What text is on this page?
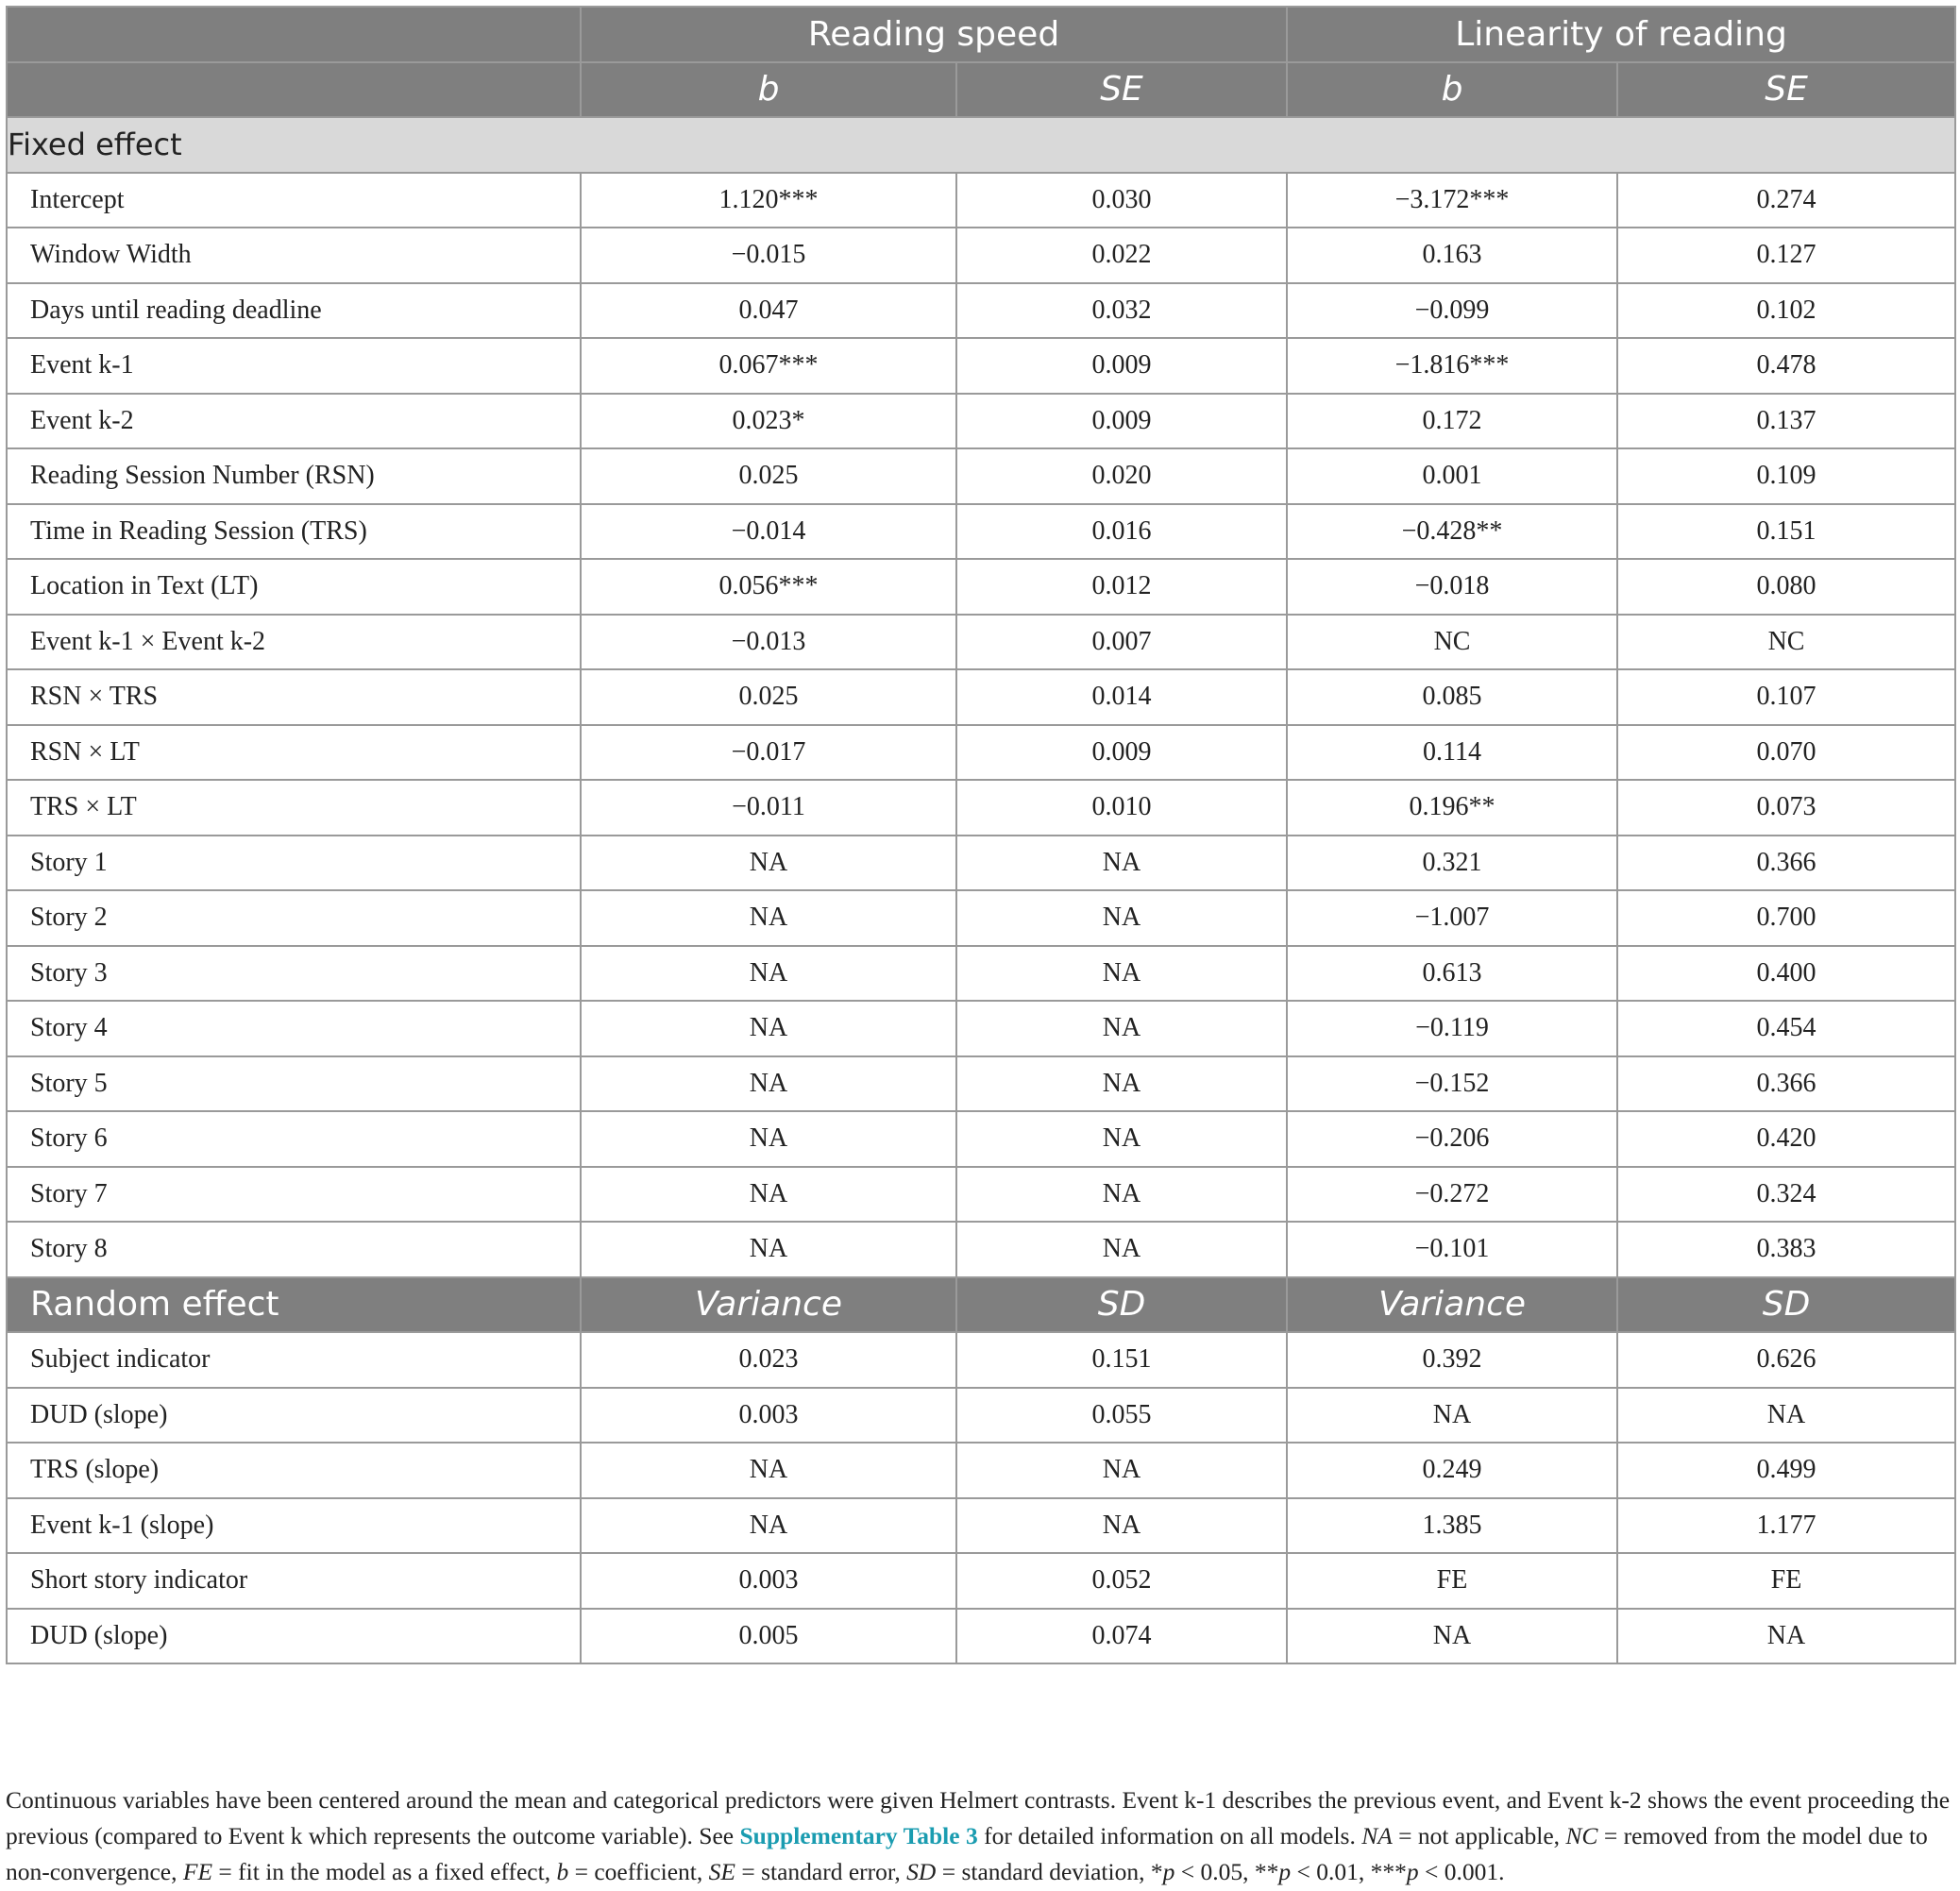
	Reading speed		Linearity of reading	
	b	SE	b	SE
Fixed effect				
Intercept	1.120***	0.030	−3.172***	0.274
Window Width	−0.015	0.022	0.163	0.127
Days until reading deadline	0.047	0.032	−0.099	0.102
Event k-1	0.067***	0.009	−1.816***	0.478
Event k-2	0.023*	0.009	0.172	0.137
Reading Session Number (RSN)	0.025	0.020	0.001	0.109
Time in Reading Session (TRS)	−0.014	0.016	−0.428**	0.151
Location in Text (LT)	0.056***	0.012	−0.018	0.080
Event k-1 × Event k-2	−0.013	0.007	NC	NC
RSN × TRS	0.025	0.014	0.085	0.107
RSN × LT	−0.017	0.009	0.114	0.070
TRS × LT	−0.011	0.010	0.196**	0.073
Story 1	NA	NA	0.321	0.366
Story 2	NA	NA	−1.007	0.700
Story 3	NA	NA	0.613	0.400
Story 4	NA	NA	−0.119	0.454
Story 5	NA	NA	−0.152	0.366
Story 6	NA	NA	−0.206	0.420
Story 7	NA	NA	−0.272	0.324
Story 8	NA	NA	−0.101	0.383
Random effect	Variance	SD	Variance	SD
Subject indicator	0.023	0.151	0.392	0.626
DUD (slope)	0.003	0.055	NA	NA
TRS (slope)	NA	NA	0.249	0.499
Event k-1 (slope)	NA	NA	1.385	1.177
Short story indicator	0.003	0.052	FE	FE
DUD (slope)	0.005	0.074	NA	NA

Continuous variables have been centered around the mean and categorical predictors were given Helmert contrasts. Event k-1 describes the previous event, and Event k-2 shows the event proceeding the previous (compared to Event k which represents the outcome variable). See Supplementary Table 3 for detailed information on all models. NA = not applicable, NC = removed from the model due to non-convergence, FE = fit in the model as a fixed effect, b = coefficient, SE = standard error, SD = standard deviation, *p < 0.05, **p < 0.01, ***p < 0.001.
